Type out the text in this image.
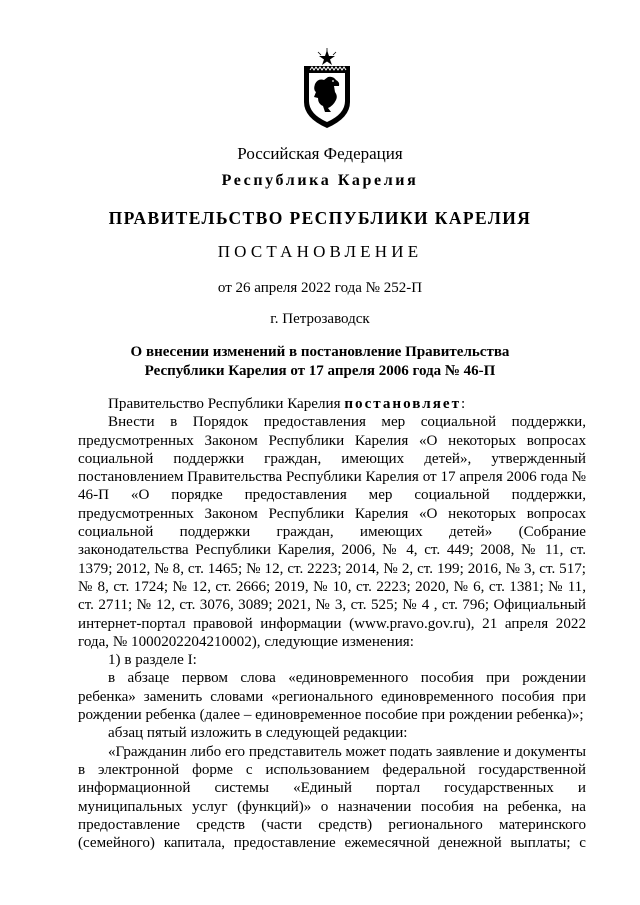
Российская Федерация
Республика Карелия
ПРАВИТЕЛЬСТВО РЕСПУБЛИКИ КАРЕЛИЯ
ПОСТАНОВЛЕНИЕ
от 26 апреля 2022 года № 252-П
г. Петрозаводск
О внесении изменений в постановление Правительства
Республики Карелия от 17 апреля 2006 года № 46-П

Правительство Республики Карелия постановляет:

Внести в Порядок предоставления мер социальной поддержки, предусмотренных Законом Республики Карелия «О некоторых вопросах социальной поддержки граждан, имеющих детей», утвержденный постановлением Правительства Республики Карелия от 17 апреля 2006 года № 46-П «О порядке предоставления мер социальной поддержки, предусмотренных Законом Республики Карелия «О некоторых вопросах социальной поддержки граждан, имеющих детей» (Собрание законодательства Республики Карелия, 2006, № 4, ст. 449; 2008, № 11, ст. 1379; 2012, № 8, ст. 1465; № 12, ст. 2223; 2014, № 2, ст. 199; 2016, № 3, ст. 517; № 8, ст. 1724; № 12, ст. 2666; 2019, № 10, ст. 2223; 2020, № 6, ст. 1381; № 11, ст. 2711; № 12, ст. 3076, 3089; 2021, № 3, ст. 525; № 4 , ст. 796; Официальный интернет-портал правовой информации (www.pravo.gov.ru), 21 апреля 2022 года, № 1000202204210002), следующие изменения:

1) в разделе I:

в абзаце первом слова «единовременного пособия при рождении ребенка» заменить словами «регионального единовременного пособия при рождении ребенка (далее – единовременное пособие при рождении ребенка)»;

абзац пятый изложить в следующей редакции:

«Гражданин либо его представитель может подать заявление и документы в электронной форме с использованием федеральной государственной информационной системы «Единый портал государственных и муниципальных услуг (функций)» о назначении пособия на ребенка, на предоставление средств (части средств) регионального материнского (семейного) капитала, предоставление ежемесячной денежной выплаты; с
